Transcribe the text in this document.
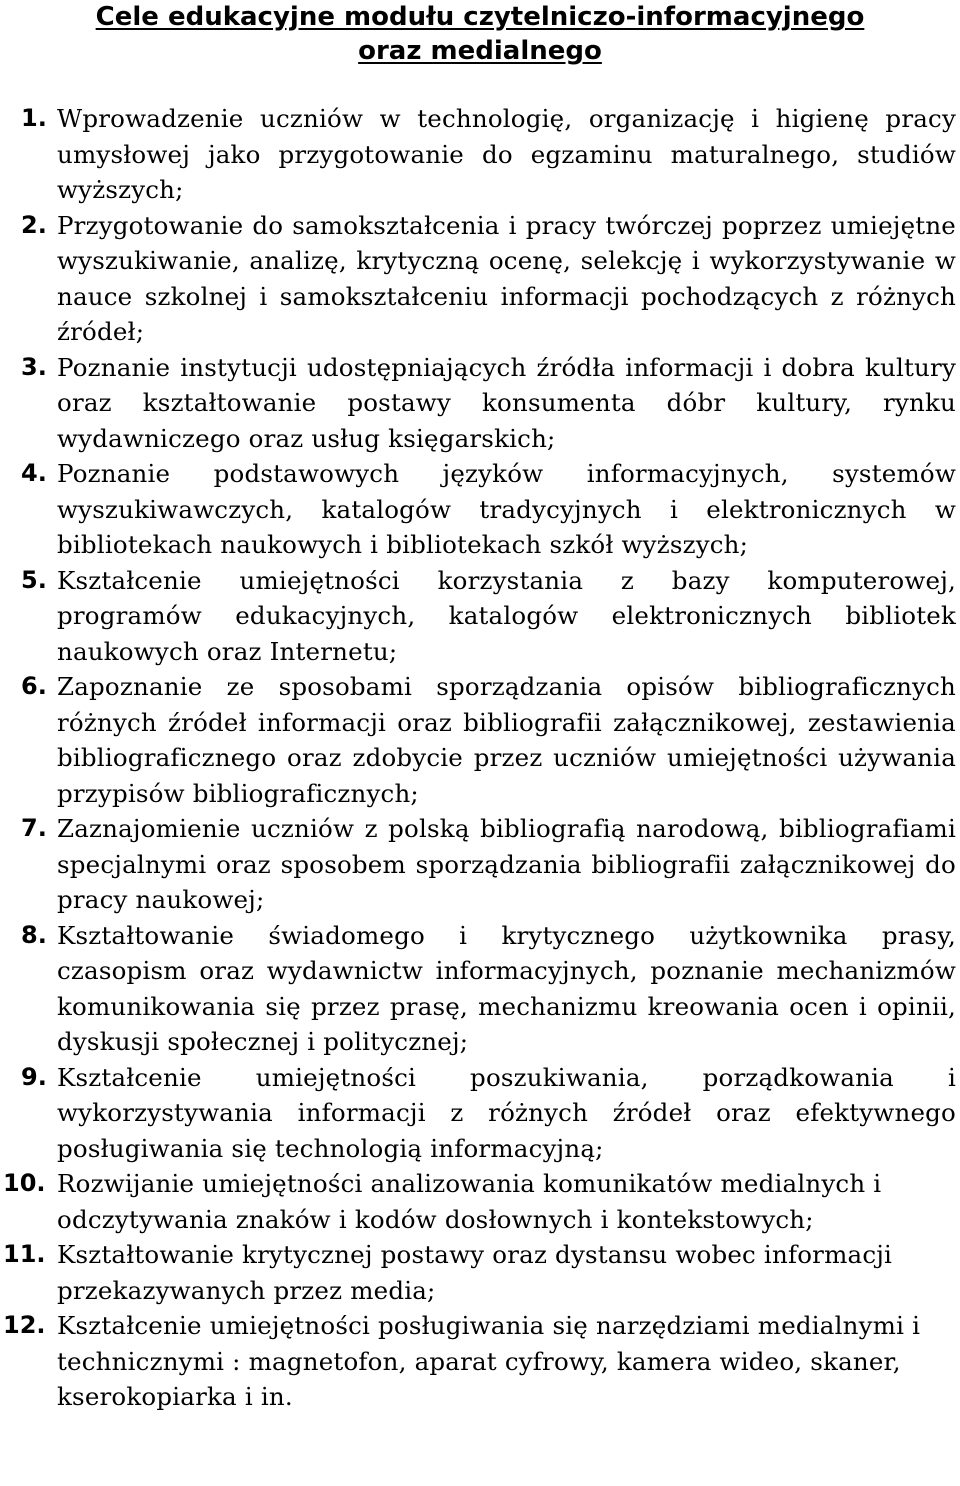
Cele edukacyjne modułu czytelniczo-informacyjnego
oraz medialnego
1. Wprowadzenie uczniów w technologię, organizację i higienę pracy umysłowej jako przygotowanie do egzaminu maturalnego, studiów wyższych;
2. Przygotowanie do samokształcenia i pracy twórczej poprzez umiejętne wyszukiwanie, analizę, krytyczną ocenę, selekcję i wykorzystywanie w nauce szkolnej i samokształceniu informacji pochodzących z różnych źródeł;
3. Poznanie instytucji udostępniających źródła informacji i dobra kultury oraz kształtowanie postawy konsumenta dóbr kultury, rynku wydawniczego oraz usług księgarskich;
4. Poznanie podstawowych języków informacyjnych, systemów wyszukiwawczych, katalogów tradycyjnych i elektronicznych w bibliotekach naukowych i bibliotekach szkół wyższych;
5. Kształcenie umiejętności korzystania z bazy komputerowej, programów edukacyjnych, katalogów elektronicznych bibliotek naukowych oraz Internetu;
6. Zapoznanie ze sposobami sporządzania opisów bibliograficznych różnych źródeł informacji oraz bibliografii załącznikowej, zestawienia bibliograficznego oraz zdobycie przez uczniów umiejętności używania przypisów bibliograficznych;
7. Zaznajomienie uczniów z polską bibliografią narodową, bibliografiami specjalnymi oraz sposobem sporządzania bibliografii załącznikowej do pracy naukowej;
8. Kształtowanie świadomego i krytycznego użytkownika prasy, czasopism oraz wydawnictw informacyjnych, poznanie mechanizmów komunikowania się przez prasę, mechanizmu kreowania ocen i opinii, dyskusji społecznej i politycznej;
9. Kształcenie umiejętności poszukiwania, porządkowania i wykorzystywania informacji z różnych źródeł oraz efektywnego posługiwania się technologią informacyjną;
10. Rozwijanie umiejętności analizowania komunikatów medialnych i odczytywania znaków i kodów dosłownych i kontekstowych;
11. Kształtowanie krytycznej postawy oraz dystansu wobec informacji przekazywanych przez media;
12. Kształcenie umiejętności posługiwania się narzędziami medialnymi i technicznymi : magnetofon, aparat cyfrowy, kamera wideo, skaner, kserokopiarka i in.
